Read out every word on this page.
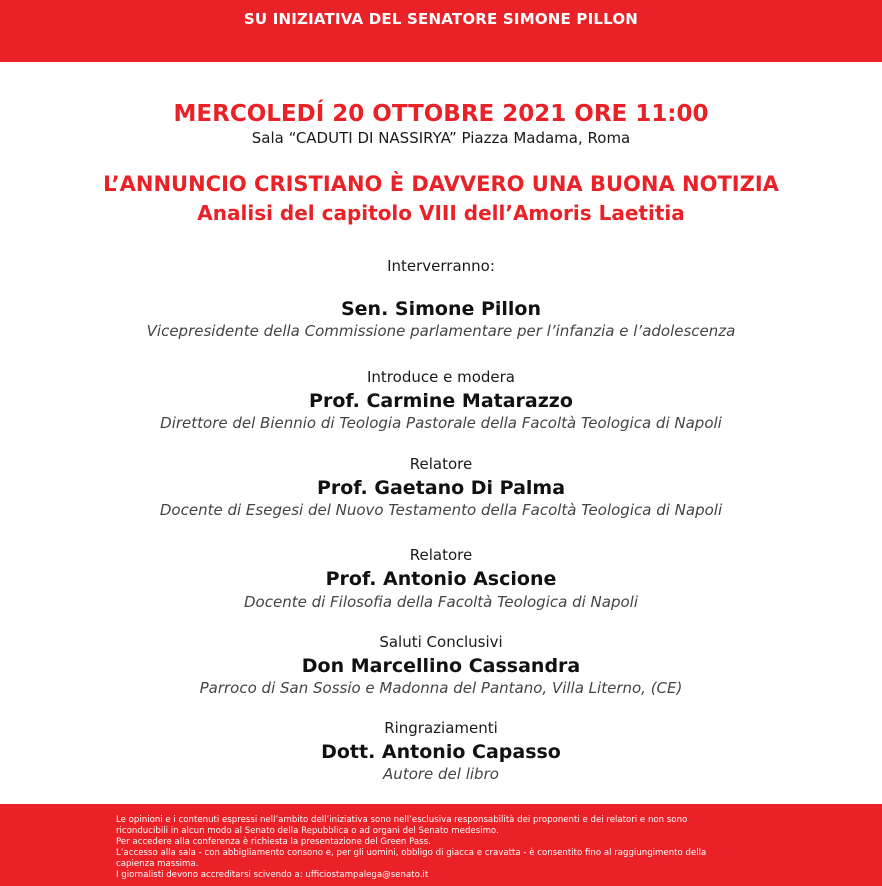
SU INIZIATIVA DEL SENATORE SIMONE PILLON
MERCOLEDÍ 20 OTTOBRE 2021 ORE 11:00
Sala “CADUTI DI NASSIRYA” Piazza Madama, Roma
L’ANNUNCIO CRISTIANO È DAVVERO UNA BUONA NOTIZIA
Analisi del capitolo VIII dell’Amoris Laetitia
Interverranno:
Sen. Simone Pillon
Vicepresidente della Commissione parlamentare per l’infanzia e l’adolescenza
Introduce e modera
Prof. Carmine Matarazzo
Direttore del Biennio di Teologia Pastorale della Facoltà Teologica di Napoli
Relatore
Prof. Gaetano Di Palma
Docente di Esegesi del Nuovo Testamento della Facoltà Teologica di Napoli
Relatore
Prof. Antonio Ascione
Docente di Filosofia della Facoltà Teologica di Napoli
Saluti Conclusivi
Don Marcellino Cassandra
Parroco di San Sossio e Madonna del Pantano, Villa Literno, (CE)
Ringraziamenti
Dott. Antonio Capasso
Autore del libro

Le opinioni e i contenuti espressi nell’ambito dell’iniziativa sono nell’esclusiva responsabilità dei proponenti e dei relatori e non sono

riconducibili in alcun modo al Senato della Repubblica o ad organi del Senato medesimo.

Per accedere alla conferenza è richiesta la presentazione del Green Pass.

L’accesso alla sala - con abbigliamento consono e, per gli uomini, obbligo di giacca e cravatta - è consentito fino al raggiungimento della

capienza massima.

I giornalisti devono accreditarsi scivendo a: ufficiostampalega@senato.it
